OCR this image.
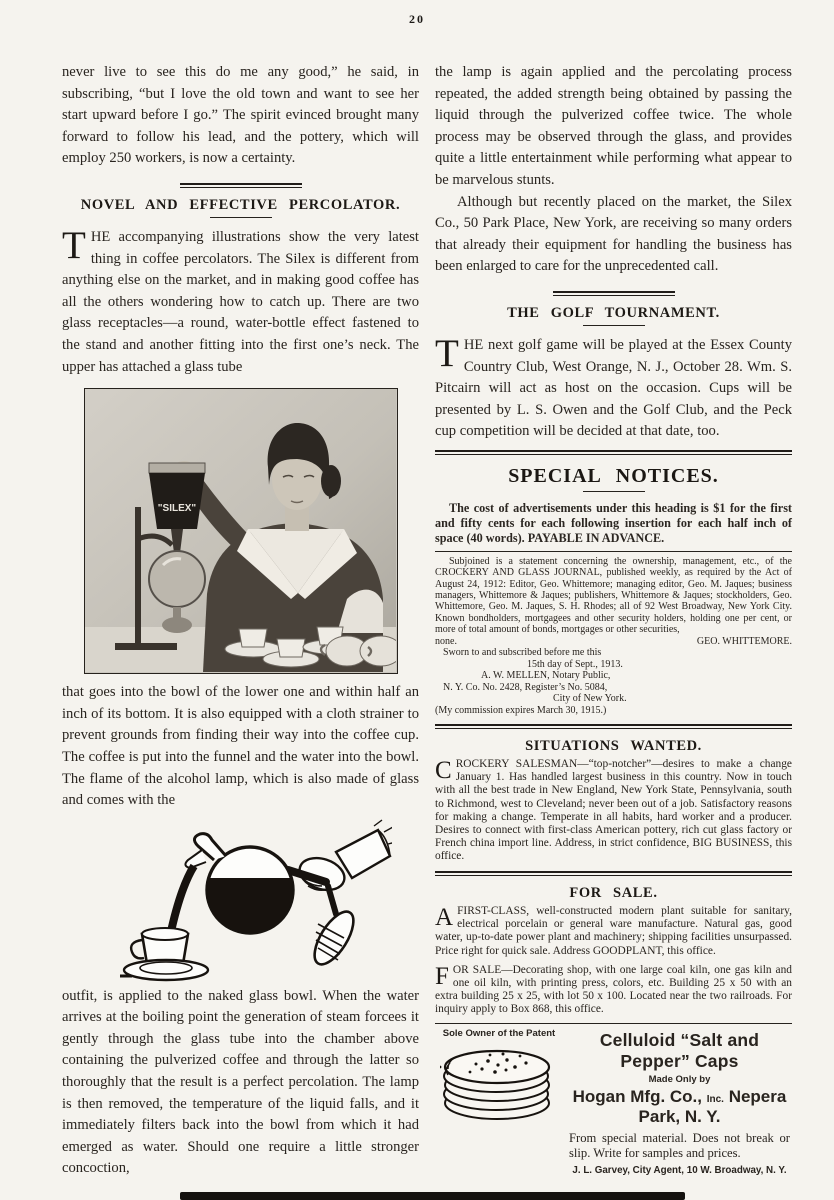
20

never live to see this do me any good,” he said, in subscribing, “but I love the old town and want to see her start upward before I go.” The spirit evinced brought many forward to follow his lead, and the pottery, which will employ 250 workers, is now a certainty.

NOVEL AND EFFECTIVE PERCOLATOR.

THE accompanying illustrations show the very latest thing in coffee percolators. The Silex is different from anything else on the market, and in making good coffee has all the others wondering how to catch up. There are two glass receptacles—a round, water-bottle effect fastened to the stand and another fitting into the first one’s neck. The upper has attached a glass tube

"SILEX"

that goes into the bowl of the lower one and within half an inch of its bottom. It is also equipped with a cloth strainer to prevent grounds from finding their way into the coffee cup. The coffee is put into the funnel and the water into the bowl. The flame of the alcohol lamp, which is also made of glass and comes with the

outfit, is applied to the naked glass bowl. When the water arrives at the boiling point the generation of steam forcees it gently through the glass tube into the chamber above containing the pulverized coffee and through the latter so thoroughly that the result is a perfect percolation. The lamp is then removed, the temperature of the liquid falls, and it immediately filters back into the bowl from which it had emerged as water. Should one require a little stronger concoction,

the lamp is again applied and the percolating process repeated, the added strength being obtained by passing the liquid through the pulverized coffee twice. The whole process may be observed through the glass, and provides quite a little entertainment while performing what appear to be marvelous stunts.

Although but recently placed on the market, the Silex Co., 50 Park Place, New York, are receiving so many orders that already their equipment for handling the business has been enlarged to care for the unprecedented call.

THE GOLF TOURNAMENT.

THE next golf game will be played at the Essex County Country Club, West Orange, N. J., October 28. Wm. S. Pitcairn will act as host on the occasion. Cups will be presented by L. S. Owen and the Golf Club, and the Peck cup competition will be decided at that date, too.

SPECIAL NOTICES.

The cost of advertisements under this heading is $1 for the first and fifty cents for each following insertion for each half inch of space (40 words). PAYABLE IN ADVANCE.

Subjoined is a statement concerning the ownership, management, etc., of the CROCKERY AND GLASS JOURNAL, published weekly, as required by the Act of August 24, 1912: Editor, Geo. Whittemore; managing editor, Geo. M. Jaques; business managers, Whittemore & Jaques; publishers, Whittemore & Jaques; stockholders, Geo. Whittemore, Geo. M. Jaques, S. H. Rhodes; all of 92 West Broadway, New York City. Known bondholders, mortgagees and other security holders, holding one per cent, or more of total amount of bonds, mortgages or other securities,

none.	GEO. WHITTEMORE.
Sworn to and subscribed before me this
15th day of Sept., 1913.
A. W. MELLEN, Notary Public,
N. Y. Co. No. 2428, Register’s No. 5084,
City of New York.
(My commission expires March 30, 1915.)
SITUATIONS WANTED.

CROCKERY SALESMAN—“top-notcher”—desires to make a change January 1. Has handled largest business in this country. Now in touch with all the best trade in New England, New York State, Pennsylvania, south to Richmond, west to Cleveland; never been out of a job. Satisfactory reasons for making a change. Temperate in all habits, hard worker and a producer. Desires to connect with first-class American pottery, rich cut glass factory or French china import line. Address, in strict confidence, BIG BUSINESS, this office.

FOR SALE.

AFIRST-CLASS, well-constructed modern plant suitable for sanitary, electrical porcelain or general ware manufacture. Natural gas, good water, up-to-date power plant and machinery; shipping facilities unsurpassed. Price right for quick sale. Address GOODPLANT, this office.

FOR SALE—Decorating shop, with one large coal kiln, one gas kiln and one oil kiln, with printing press, colors, etc. Building 25 x 50 with an extra building 25 x 25, with lot 50 x 100. Located near the two railroads. For inquiry apply to Box 868, this office.

Sole Owner of the Patent	Celluloid “Salt and Pepper” Caps
Made Only by
Hogan Mfg. Co., Inc. Nepera Park, N. Y.
From special material. Does not break or slip. Write for samples and prices.
J. L. Garvey, City Agent, 10 W. Broadway, N. Y.
